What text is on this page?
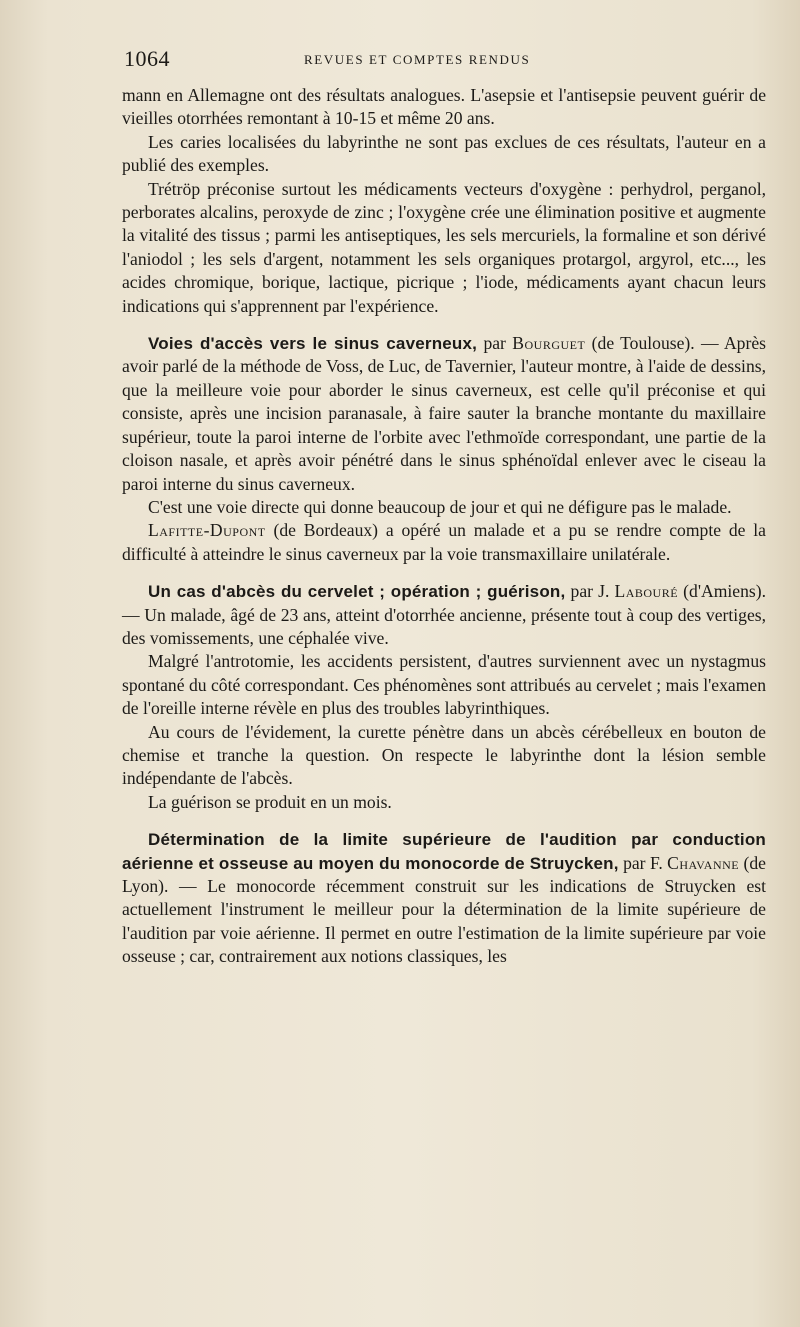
1064	REVUES ET COMPTES RENDUS

mann en Allemagne ont des résultats analogues. L'asepsie et l'antisepsie peuvent guérir de vieilles otorrhées remontant à 10-15 et même 20 ans.

Les caries localisées du labyrinthe ne sont pas exclues de ces résultats, l'auteur en a publié des exemples.

Trétröp préconise surtout les médicaments vecteurs d'oxygène : perhydrol, perganol, perborates alcalins, peroxyde de zinc ; l'oxygène crée une élimination positive et augmente la vitalité des tissus ; parmi les antiseptiques, les sels mercuriels, la formaline et son dérivé l'aniodol ; les sels d'argent, notamment les sels organiques protargol, argyrol, etc..., les acides chromique, borique, lactique, picrique ; l'iode, médicaments ayant chacun leurs indications qui s'apprennent par l'expérience.

Voies d'accès vers le sinus caverneux, par Bourguet (de Toulouse). — Après avoir parlé de la méthode de Voss, de Luc, de Tavernier, l'auteur montre, à l'aide de dessins, que la meilleure voie pour aborder le sinus caverneux, est celle qu'il préconise et qui consiste, après une incision paranasale, à faire sauter la branche montante du maxillaire supérieur, toute la paroi interne de l'orbite avec l'ethmoïde correspondant, une partie de la cloison nasale, et après avoir pénétré dans le sinus sphénoïdal enlever avec le ciseau la paroi interne du sinus caverneux.

C'est une voie directe qui donne beaucoup de jour et qui ne défigure pas le malade.

Lafitte-Dupont (de Bordeaux) a opéré un malade et a pu se rendre compte de la difficulté à atteindre le sinus caverneux par la voie transmaxillaire unilatérale.

Un cas d'abcès du cervelet ; opération ; guérison, par J. Labouré (d'Amiens). — Un malade, âgé de 23 ans, atteint d'otorrhée ancienne, présente tout à coup des vertiges, des vomissements, une céphalée vive.

Malgré l'antrotomie, les accidents persistent, d'autres surviennent avec un nystagmus spontané du côté correspondant. Ces phénomènes sont attribués au cervelet ; mais l'examen de l'oreille interne révèle en plus des troubles labyrinthiques.

Au cours de l'évidement, la curette pénètre dans un abcès cérébelleux en bouton de chemise et tranche la question. On respecte le labyrinthe dont la lésion semble indépendante de l'abcès.

La guérison se produit en un mois.

Détermination de la limite supérieure de l'audition par conduction aérienne et osseuse au moyen du monocorde de Struycken, par F. Chavanne (de Lyon). — Le monocorde récemment construit sur les indications de Struycken est actuellement l'instrument le meilleur pour la détermination de la limite supérieure de l'audition par voie aérienne. Il permet en outre l'estimation de la limite supérieure par voie osseuse ; car, contrairement aux notions classiques, les
